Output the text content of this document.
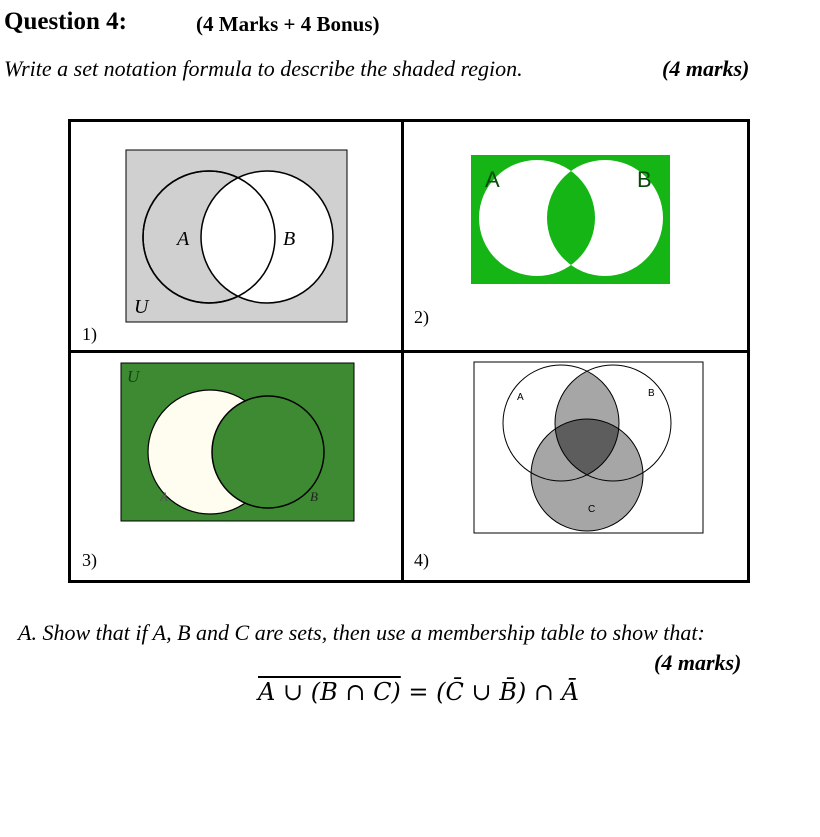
Question 4:	(4 Marks + 4 Bonus)
Write a set notation formula to describe the shaded region.	(4 marks)
A	B
U
1)
A	B
2)
U
A	B
3)
A	B
C
4)
A. Show that if A, B and C are sets, then use a membership table to show that:
(4 marks)
A ∪ (B ∩ C) = (C̄ ∪ B̄) ∩ Ā
